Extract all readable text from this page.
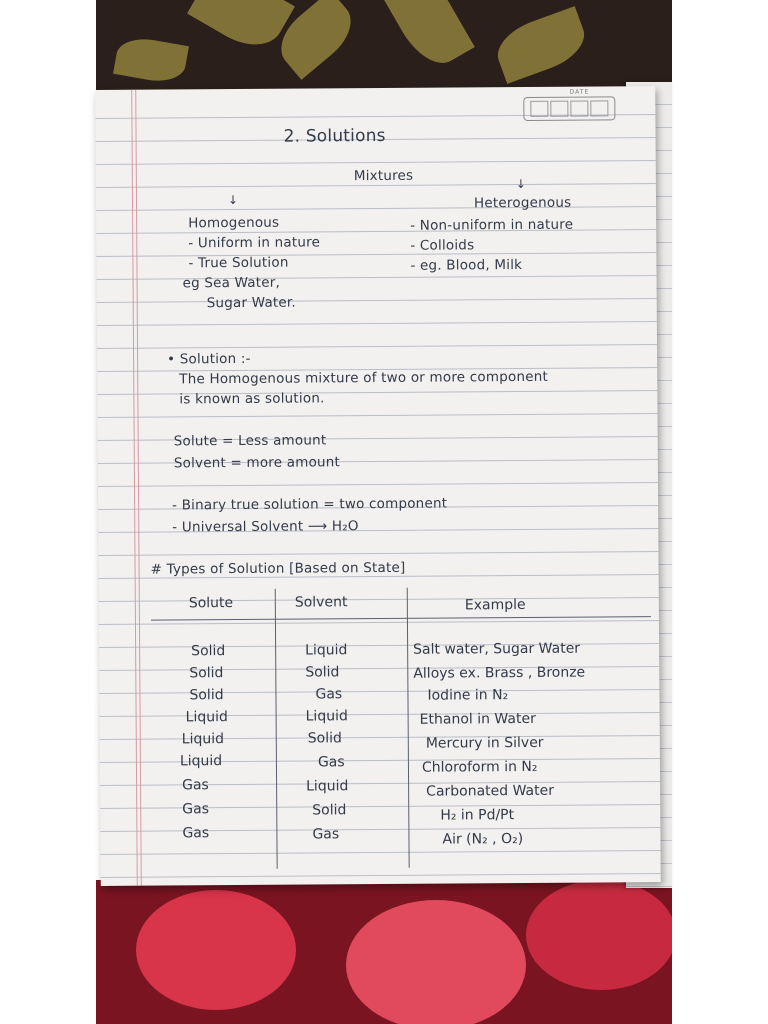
DATE
2. Solutions
Mixtures
↓
↓
Homogenous
- Uniform in nature
- True Solution
eg Sea Water,
Sugar Water.
Heterogenous
- Non-uniform in nature
- Colloids
- eg. Blood, Milk
• Solution :-
The Homogenous mixture of two or more component
is known as solution.
Solute = Less amount
Solvent = more amount
- Binary true solution = two component
- Universal Solvent ⟶ H₂O
# Types of Solution [Based on State]
Solute	Solvent	Example
Solid	Liquid	Salt water, Sugar Water
Solid	Solid	Alloys ex. Brass , Bronze
Solid	Gas	Iodine in N₂
Liquid	Liquid	Ethanol in Water
Liquid	Solid	Mercury in Silver
Liquid	Gas	Chloroform in N₂
Gas	Liquid	Carbonated Water
Gas	Solid	H₂ in Pd/Pt
Gas	Gas	Air (N₂ , O₂)
